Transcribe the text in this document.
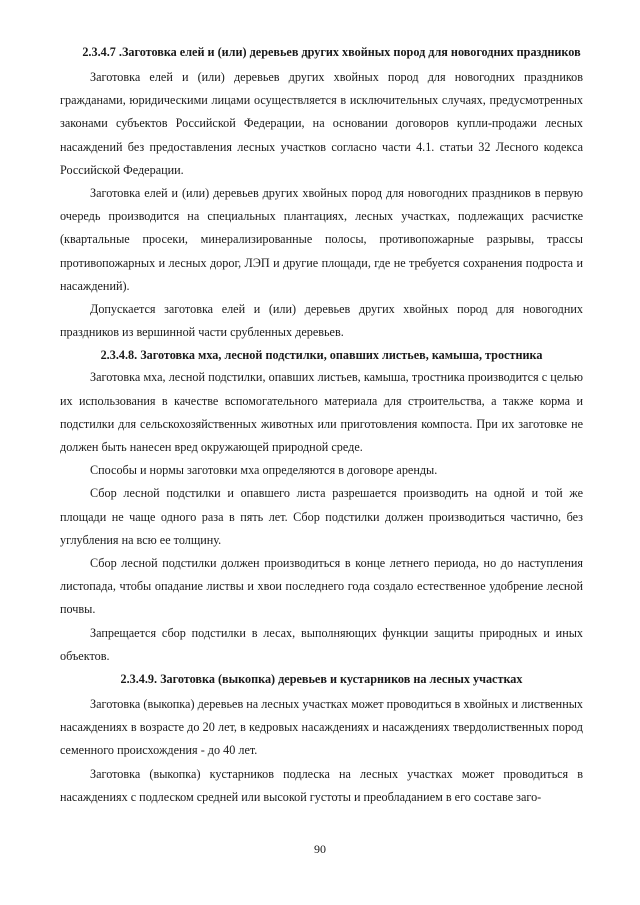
2.3.4.7 .Заготовка елей и (или) деревьев других хвойных пород для новогодних праздников

Заготовка елей и (или) деревьев других хвойных пород для новогодних праздников гражданами, юридическими лицами осуществляется в исключительных случаях, предусмотренных законами субъектов Российской Федерации, на основании договоров купли-продажи лесных насаждений без предоставления лесных участков согласно части 4.1. статьи 32 Лесного кодекса Российской Федерации.

Заготовка елей и (или) деревьев других хвойных пород для новогодних праздников в первую очередь производится на специальных плантациях, лесных участках, подлежащих расчистке (квартальные просеки, минерализированные полосы, противопожарные разрывы, трассы противопожарных и лесных дорог, ЛЭП и другие площади, где не требуется сохранения подроста и насаждений).

Допускается заготовка елей и (или) деревьев других хвойных пород для новогодних праздников из вершинной части срубленных деревьев.

2.3.4.8. Заготовка мха, лесной подстилки, опавших листьев, камыша, тростника

Заготовка мха, лесной подстилки, опавших листьев, камыша, тростника производится с целью их использования в качестве вспомогательного материала для строительства, а также корма и подстилки для сельскохозяйственных животных или приготовления компоста. При их заготовке не должен быть нанесен вред окружающей природной среде.

Способы и нормы заготовки мха определяются в договоре аренды.

Сбор лесной подстилки и опавшего листа разрешается производить на одной и той же площади не чаще одного раза в пять лет. Сбор подстилки должен производиться частично, без углубления на всю ее толщину.

Сбор лесной подстилки должен производиться в конце летнего периода, но до наступления листопада, чтобы опадание листвы и хвои последнего года создало естественное удобрение лесной почвы.

Запрещается сбор подстилки в лесах, выполняющих функции защиты природных и иных объектов.

2.3.4.9. Заготовка (выкопка) деревьев и кустарников на лесных участках

Заготовка (выкопка) деревьев на лесных участках может проводиться в хвойных и лиственных насаждениях в возрасте до 20 лет, в кедровых насаждениях и насаждениях твердолиственных пород семенного происхождения - до 40 лет.

Заготовка (выкопка) кустарников подлеска на лесных участках может проводиться в насаждениях с подлеском средней или высокой густоты и преобладанием в его составе заго-

90
